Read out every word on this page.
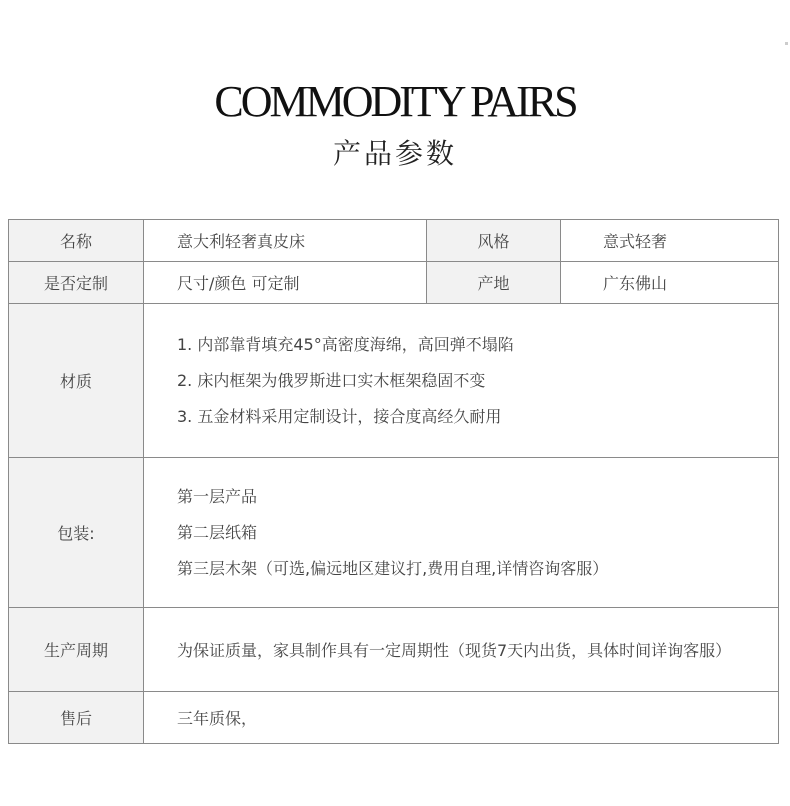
COMMODITY PAIRS
产品参数
名称	意大利轻奢真皮床	风格	意式轻奢
是否定制	尺寸/颜色 可定制	产地	广东佛山
材质	1. 内部靠背填充45°高密度海绵，高回弹不塌陷
2. 床内框架为俄罗斯进口实木框架稳固不变
3. 五金材料采用定制设计，接合度高经久耐用		

包装:	第一层产品
第二层纸箱
第三层木架（可选,偏远地区建议打,费用自理,详情咨询客服）		

生产周期	为保证质量，家具制作具有一定周期性（现货7天内出货，具体时间详询客服）		
售后	三年质保，		
